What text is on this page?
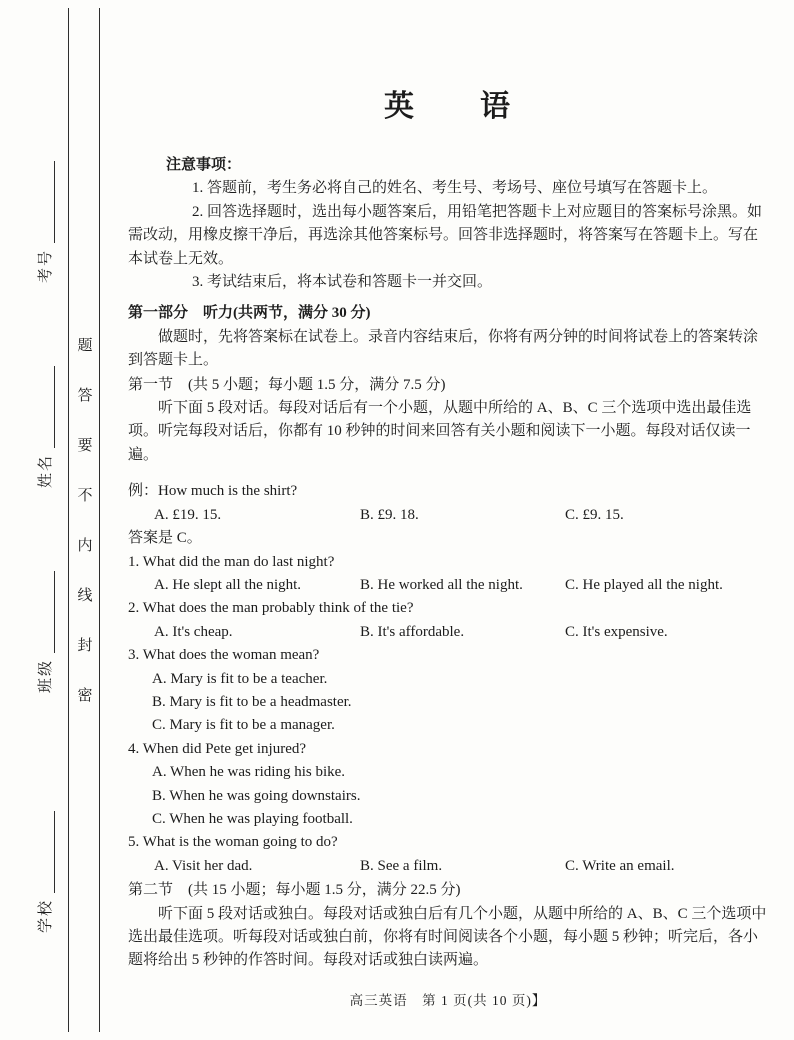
考号
姓名
班级
学校
题
答
要
不
内
线
封
密
英　　语

注意事项：

1. 答题前，考生务必将自己的姓名、考生号、考场号、座位号填写在答题卡上。

2. 回答选择题时，选出每小题答案后，用铅笔把答题卡上对应题目的答案标号涂黑。如需改动，用橡皮擦干净后，再选涂其他答案标号。回答非选择题时，将答案写在答题卡上。写在本试卷上无效。

3. 考试结束后，将本试卷和答题卡一并交回。

第一部分　听力(共两节，满分 30 分)

做题时，先将答案标在试卷上。录音内容结束后，你将有两分钟的时间将试卷上的答案转涂到答题卡上。

第一节　(共 5 小题；每小题 1.5 分，满分 7.5 分)

听下面 5 段对话。每段对话后有一个小题，从题中所给的 A、B、C 三个选项中选出最佳选项。听完每段对话后，你都有 10 秒钟的时间来回答有关小题和阅读下一小题。每段对话仅读一遍。

例：How much is the shirt?

A. £19. 15.	B. £9. 18.	C. £9. 15.

答案是 C。

1. What did the man do last night?

A. He slept all the night.	B. He worked all the night.	C. He played all the night.

2. What does the man probably think of the tie?

A. It's cheap.	B. It's affordable.	C. It's expensive.

3. What does the woman mean?

A. Mary is fit to be a teacher.

B. Mary is fit to be a headmaster.

C. Mary is fit to be a manager.

4. When did Pete get injured?

A. When he was riding his bike.

B. When he was going downstairs.

C. When he was playing football.

5. What is the woman going to do?

A. Visit her dad.	B. See a film.	C. Write an email.

第二节　(共 15 小题；每小题 1.5 分，满分 22.5 分)

听下面 5 段对话或独白。每段对话或独白后有几个小题，从题中所给的 A、B、C 三个选项中选出最佳选项。听每段对话或独白前，你将有时间阅读各个小题，每小题 5 秒钟；听完后，各小题将给出 5 秒钟的作答时间。每段对话或独白读两遍。

高三英语　第 1 页(共 10 页)】
